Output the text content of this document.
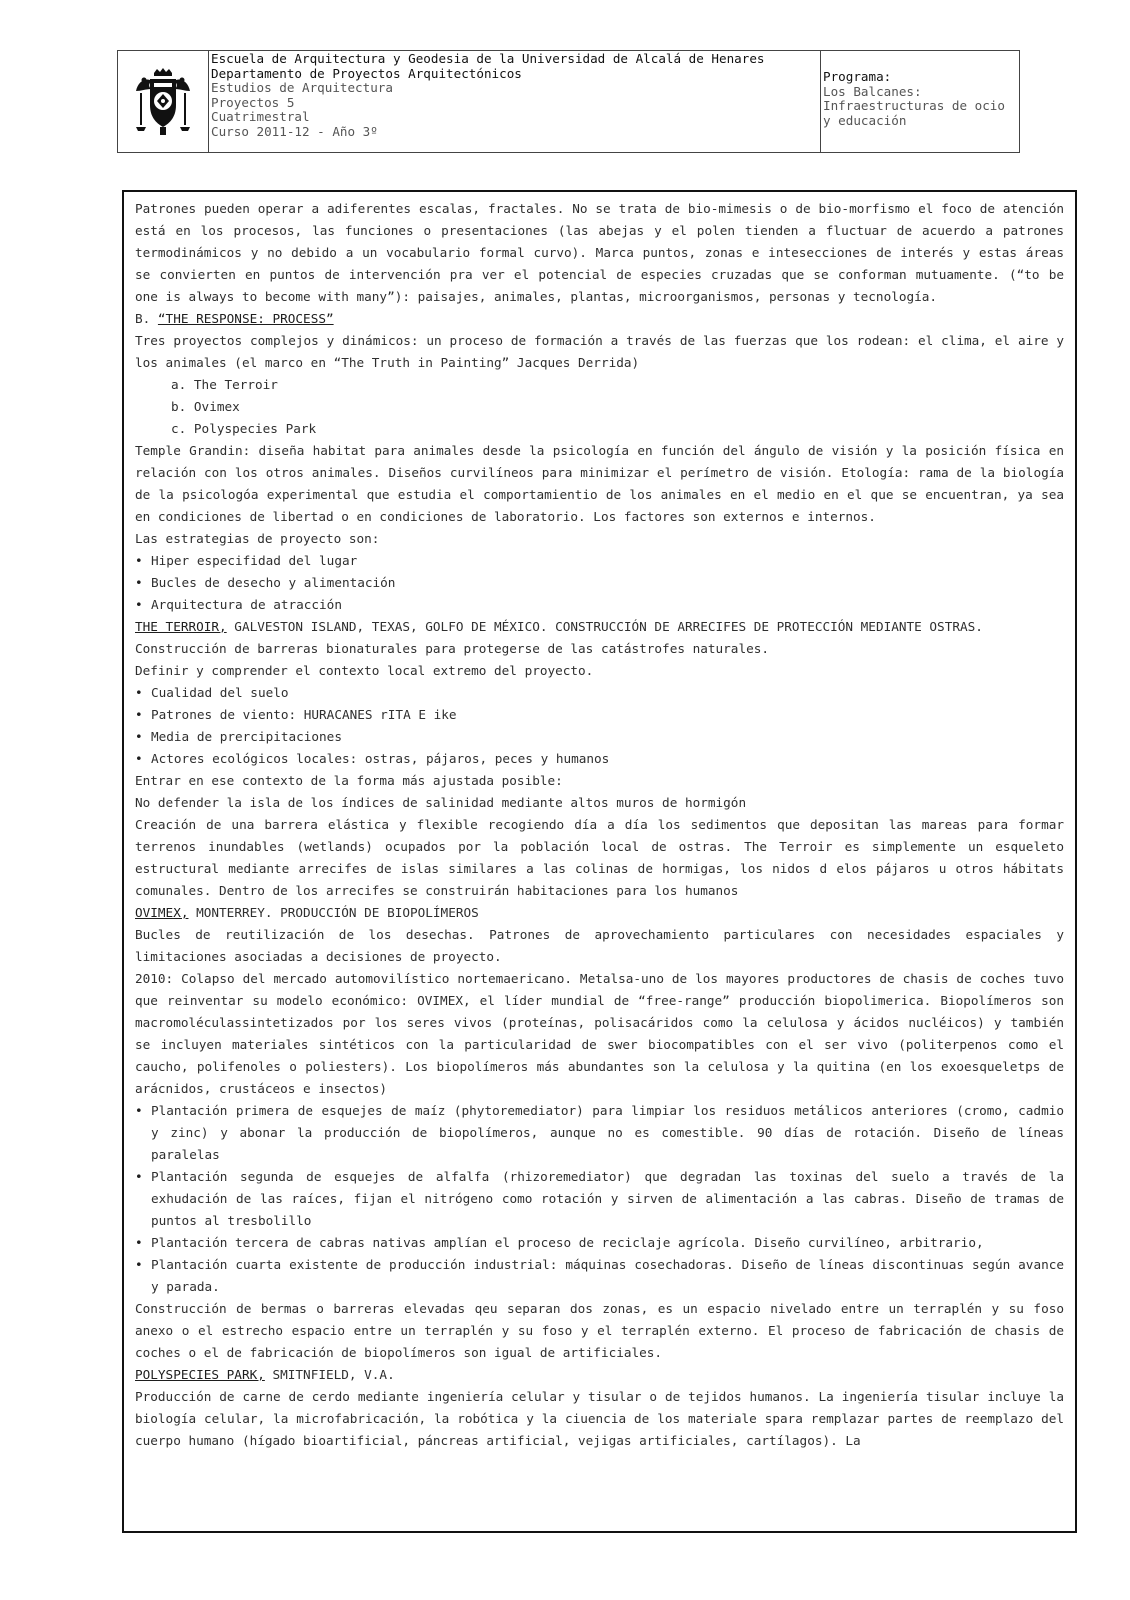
Escuela de Arquitectura y Geodesia de la Universidad de Alcalá de Henares
Departamento de Proyectos Arquitectónicos
Estudios de Arquitectura
Proyectos 5
Cuatrimestral
Curso 2011-12 - Año 3º
Programa:
Los Balcanes:
Infraestructuras de ocio
y educación

Patrones pueden operar a adiferentes escalas, fractales. No se trata de bio-mimesis o de bio-morfismo el foco de atención está en los procesos, las funciones o presentaciones (las abejas y el polen tienden a fluctuar de acuerdo a patrones termodinámicos y no debido a un vocabulario formal curvo). Marca puntos, zonas e intesecciones de interés y estas áreas se convierten en puntos de intervención pra ver el potencial de especies cruzadas que se conforman mutuamente. (“to be one is always to become with many”): paisajes, animales, plantas, microorganismos, personas y tecnología.

B. “THE RESPONSE: PROCESS”

Tres proyectos complejos y dinámicos: un proceso de formación a través de las fuerzas que los rodean: el clima, el aire y los animales (el marco en “The Truth in Painting” Jacques Derrida)

a. The Terroir

b. Ovimex

c. Polyspecies Park

Temple Grandin: diseña habitat para animales desde la psicología en función del ángulo de visión y la posición física en relación con los otros animales. Diseños curvilíneos para minimizar el perímetro de visión. Etología: rama de la biología de la psicologóa experimental que estudia el comportamientio de los animales en el medio en el que se encuentran, ya sea en condiciones de libertad o en condiciones de laboratorio. Los factores son externos e internos.

Las estrategias de proyecto son:

• Hiper especifidad del lugar

• Bucles de desecho y alimentación

• Arquitectura de atracción

THE TERROIR, GALVESTON ISLAND, TEXAS, GOLFO DE MÉXICO. CONSTRUCCIÓN DE ARRECIFES DE PROTECCIÓN MEDIANTE OSTRAS.

Construcción de barreras bionaturales para protegerse de las catástrofes naturales.

Definir y comprender el contexto local extremo del proyecto.

• Cualidad del suelo

• Patrones de viento: HURACANES rITA E ike

• Media de prercipitaciones

• Actores ecológicos locales: ostras, pájaros, peces y humanos

Entrar en ese contexto de la forma más ajustada posible:

No defender la isla de los índices de salinidad mediante altos muros de hormigón

Creación de una barrera elástica y flexible recogiendo día a día los sedimentos que depositan las mareas para formar terrenos inundables (wetlands) ocupados por la población local de ostras. The Terroir es simplemente un esqueleto estructural mediante arrecifes de islas similares a las colinas de hormigas, los nidos d elos pájaros u otros hábitats comunales. Dentro de los arrecifes se construirán habitaciones para los humanos

OVIMEX, MONTERREY. PRODUCCIÓN DE BIOPOLÍMEROS

Bucles de reutilización de los desechas. Patrones de aprovechamiento particulares con necesidades espaciales y limitaciones asociadas a decisiones de proyecto.

2010: Colapso del mercado automovilístico nortemaericano. Metalsa-uno de los mayores productores de chasis de coches tuvo que reinventar su modelo económico: OVIMEX, el líder mundial de “free-range” producción biopolimerica. Biopolímeros son macromoléculassintetizados por los seres vivos (proteínas, polisacáridos como la celulosa y ácidos nucléicos) y también se incluyen materiales sintéticos con la particularidad de swer biocompatibles con el ser vivo (politerpenos como el caucho, polifenoles o poliesters). Los biopolímeros más abundantes son la celulosa y la quitina (en los exoesqueletps de arácnidos, crustáceos e insectos)

• Plantación primera de esquejes de maíz (phytoremediator) para limpiar los residuos metálicos anteriores (cromo, cadmio y zinc) y abonar la producción de biopolímeros, aunque no es comestible. 90 días de rotación. Diseño de líneas paralelas

• Plantación segunda de esquejes de alfalfa (rhizoremediator) que degradan las toxinas del suelo a través de la exhudación de las raíces, fijan el nitrógeno como rotación y sirven de alimentación a las cabras. Diseño de tramas de puntos al tresbolillo

• Plantación tercera de cabras nativas amplían el proceso de reciclaje agrícola. Diseño curvilíneo, arbitrario,

• Plantación cuarta existente de producción industrial: máquinas cosechadoras. Diseño de líneas discontinuas según avance y parada.

Construcción de bermas o barreras elevadas qeu separan dos zonas, es un espacio nivelado entre un terraplén y su foso anexo o el estrecho espacio entre un terraplén y su foso y el terraplén externo. El proceso de fabricación de chasis de coches o el de fabricación de biopolímeros son igual de artificiales.

POLYSPECIES PARK, SMITNFIELD, V.A.

Producción de carne de cerdo mediante ingeniería celular y tisular o de tejidos humanos. La ingeniería tisular incluye la biología celular, la microfabricación, la robótica y la ciuencia de los materiale spara remplazar partes de reemplazo del cuerpo humano (hígado bioartificial, páncreas artificial, vejigas artificiales, cartílagos). La
